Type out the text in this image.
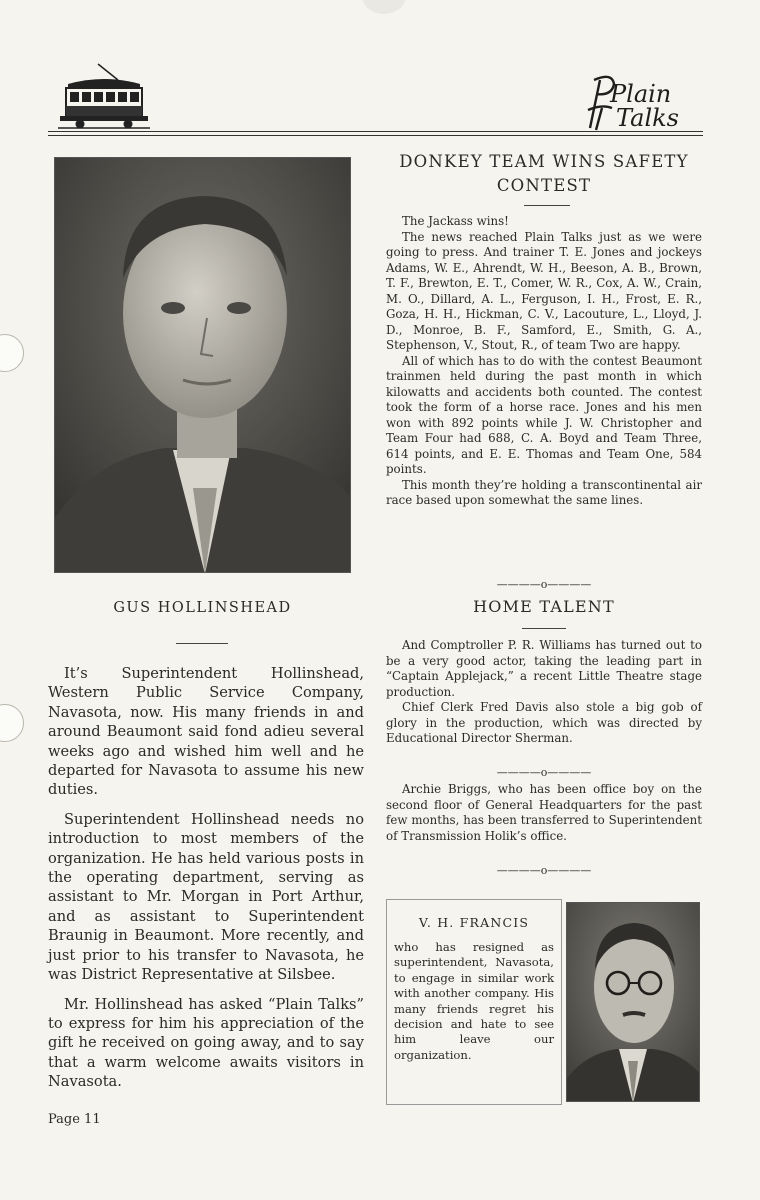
Plain
Talks
GUS HOLLINSHEAD

It’s Superintendent Hollinshead, Western Public Service Company, Navasota, now. His many friends in and around Beaumont said fond adieu several weeks ago and wished him well and he departed for Navasota to assume his new duties.

Superintendent Hollinshead needs no introduction to most members of the organization. He has held various posts in the operating department, serving as assistant to Mr. Morgan in Port Arthur, and as assistant to Superintendent Braunig in Beaumont. More recently, and just prior to his transfer to Navasota, he was District Representative at Silsbee.

Mr. Hollinshead has asked “Plain Talks” to express for him his appreciation of the gift he received on going away, and to say that a warm welcome awaits visitors in Navasota.

Page 11
DONKEY TEAM WINS SAFETY
CONTEST

The Jackass wins!

The news reached Plain Talks just as we were going to press. And trainer T. E. Jones and jockeys Adams, W. E., Ahrendt, W. H., Beeson, A. B., Brown, T. F., Brewton, E. T., Comer, W. R., Cox, A. W., Crain, M. O., Dillard, A. L., Ferguson, I. H., Frost, E. R., Goza, H. H., Hickman, C. V., Lacouture, L., Lloyd, J. D., Monroe, B. F., Samford, E., Smith, G. A., Stephenson, V., Stout, R., of team Two are happy.

All of which has to do with the contest Beaumont trainmen held during the past month in which kilowatts and accidents both counted. The contest took the form of a horse race. Jones and his men won with 892 points while J. W. Christopher and Team Four had 688, C. A. Boyd and Team Three, 614 points, and E. E. Thomas and Team One, 584 points.

This month they’re holding a transcontinental air race based upon somewhat the same lines.

————o————
HOME TALENT

And Comptroller P. R. Williams has turned out to be a very good actor, taking the leading part in “Captain Applejack,” a recent Little Theatre stage production.

Chief Clerk Fred Davis also stole a big gob of glory in the production, which was directed by Educational Director Sherman.

————o————

Archie Briggs, who has been office boy on the second floor of General Headquarters for the past few months, has been transferred to Superintendent of Transmission Holik’s office.

————o————
V. H. FRANCIS
who has resigned as superintendent, Navasota, to engage in similar work with another company. His many friends regret his decision and hate to see him leave our organization.
